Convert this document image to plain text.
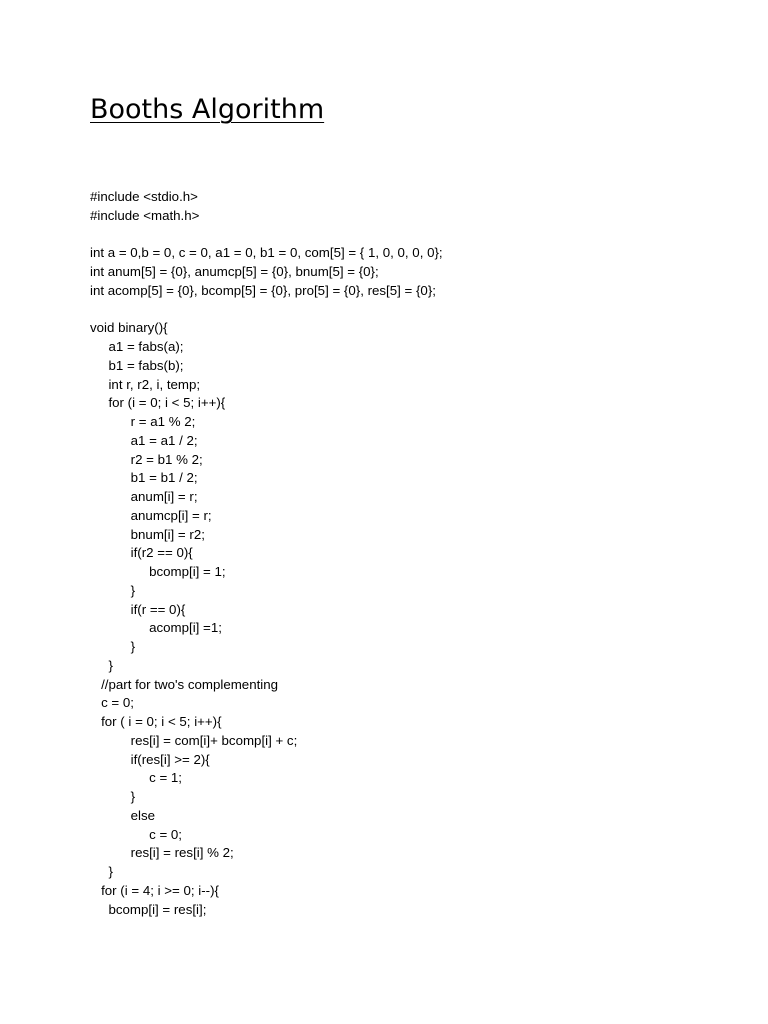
Booths Algorithm
#include <stdio.h>
#include <math.h>
int a = 0,b = 0, c = 0, a1 = 0, b1 = 0, com[5] = { 1, 0, 0, 0, 0};
int anum[5] = {0}, anumcp[5] = {0}, bnum[5] = {0};
int acomp[5] = {0}, bcomp[5] = {0}, pro[5] = {0}, res[5] = {0};
void binary(){
a1 = fabs(a);
b1 = fabs(b);
int r, r2, i, temp;
for (i = 0; i < 5; i++){
r = a1 % 2;
a1 = a1 / 2;
r2 = b1 % 2;
b1 = b1 / 2;
anum[i] = r;
anumcp[i] = r;
bnum[i] = r2;
if(r2 == 0){
bcomp[i] = 1;
}
if(r == 0){
acomp[i] =1;
}
}
//part for two's complementing
c = 0;
for ( i = 0; i < 5; i++){
res[i] = com[i]+ bcomp[i] + c;
if(res[i] >= 2){
c = 1;
}
else
c = 0;
res[i] = res[i] % 2;
}
for (i = 4; i >= 0; i--){
bcomp[i] = res[i];
